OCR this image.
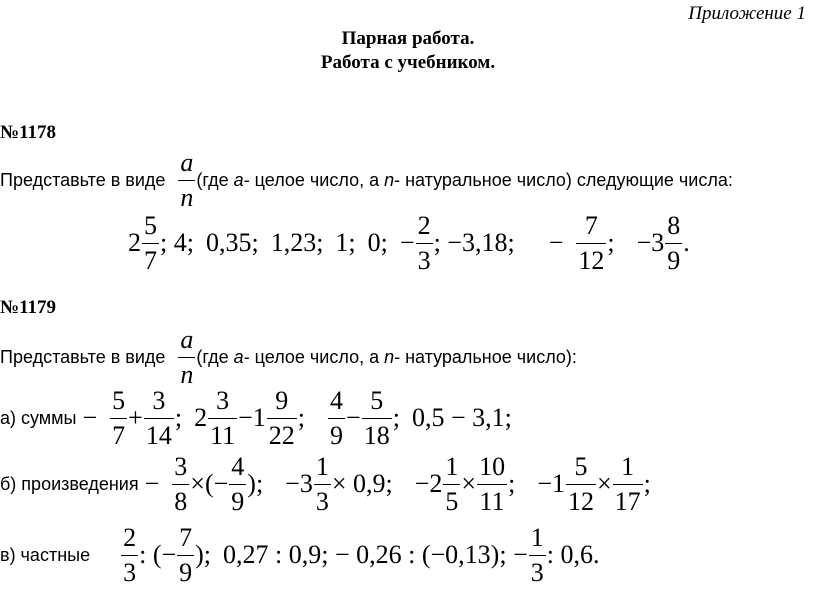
Приложение 1
Парная работа.
Работа с учебником.
№1178
Представьте в виде $\frac{a}{n} (где$ a- целое число, а n- натуральное число) следующие числа:
$2 \frac{5}{7}$ ; 4; 0,35; 1,23; 1; 0; − $\frac{2}{3}$ ; −3,18; − $\frac{7}{12}$ ; $-3 \frac{8}{9}$ .
№1179
Представьте в виде $\frac{a}{n} (где$ a- целое число, а n- натуральное число):
а) суммы − $\frac{5}{7} + \frac{3}{14}$ ; $2 \frac{3}{11} -1 \frac{9}{22}$ ; $\frac{4}{9} - \frac{5}{18}$ ; 0,5 − 3,1;
б) произведения − $\frac{3}{8}$ ×(− $\frac{4}{9}$ ); $-3 \frac{1}{3} \times 0,9$; $-2 \frac{1}{5} \times \frac{10}{11}$ ; $-1 \frac{5}{12} \times \frac{1}{17}$ ;
в) частные $\frac{2}{3}$ : (− $\frac{7}{9}$ ); 0,27 : 0,9; − 0,26 : (−0,13); − $\frac{1}{3}$ : 0,6.
